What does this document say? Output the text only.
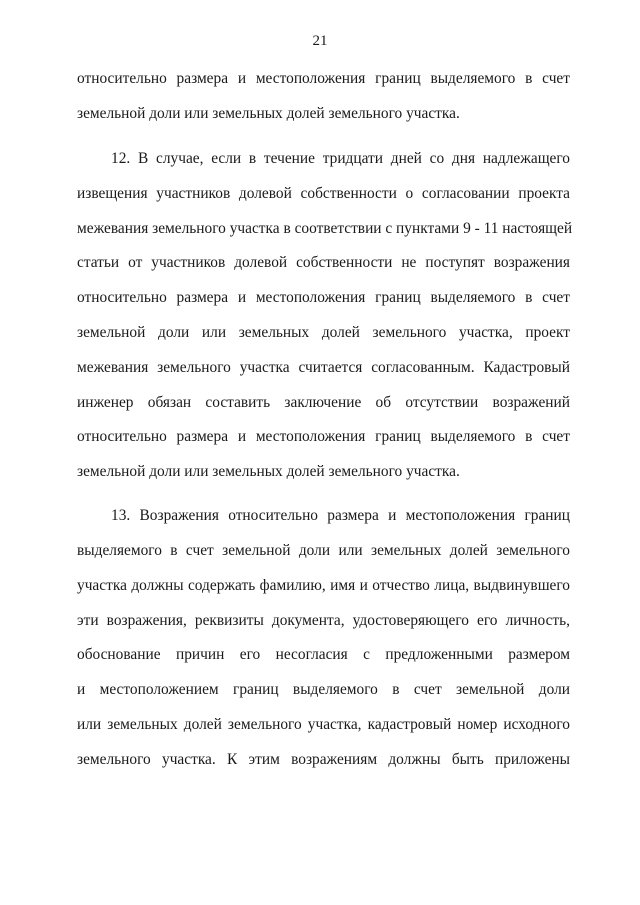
21
относительно размера и местоположения границ выделяемого в счет
земельной доли или земельных долей земельного участка.
12. В случае, если в течение тридцати дней со дня надлежащего
извещения участников долевой собственности о согласовании проекта
межевания земельного участка в соответствии с пунктами 9 - 11 настоящей
статьи от участников долевой собственности не поступят возражения
относительно размера и местоположения границ выделяемого в счет
земельной доли или земельных долей земельного участка, проект
межевания земельного участка считается согласованным. Кадастровый
инженер обязан составить заключение об отсутствии возражений
относительно размера и местоположения границ выделяемого в счет
земельной доли или земельных долей земельного участка.
13. Возражения относительно размера и местоположения границ
выделяемого в счет земельной доли или земельных долей земельного
участка должны содержать фамилию, имя и отчество лица, выдвинувшего
эти возражения, реквизиты документа, удостоверяющего его личность,
обоснование причин его несогласия с предложенными размером
и местоположением границ выделяемого в счет земельной доли
или земельных долей земельного участка, кадастровый номер исходного
земельного участка. К этим возражениям должны быть приложены
